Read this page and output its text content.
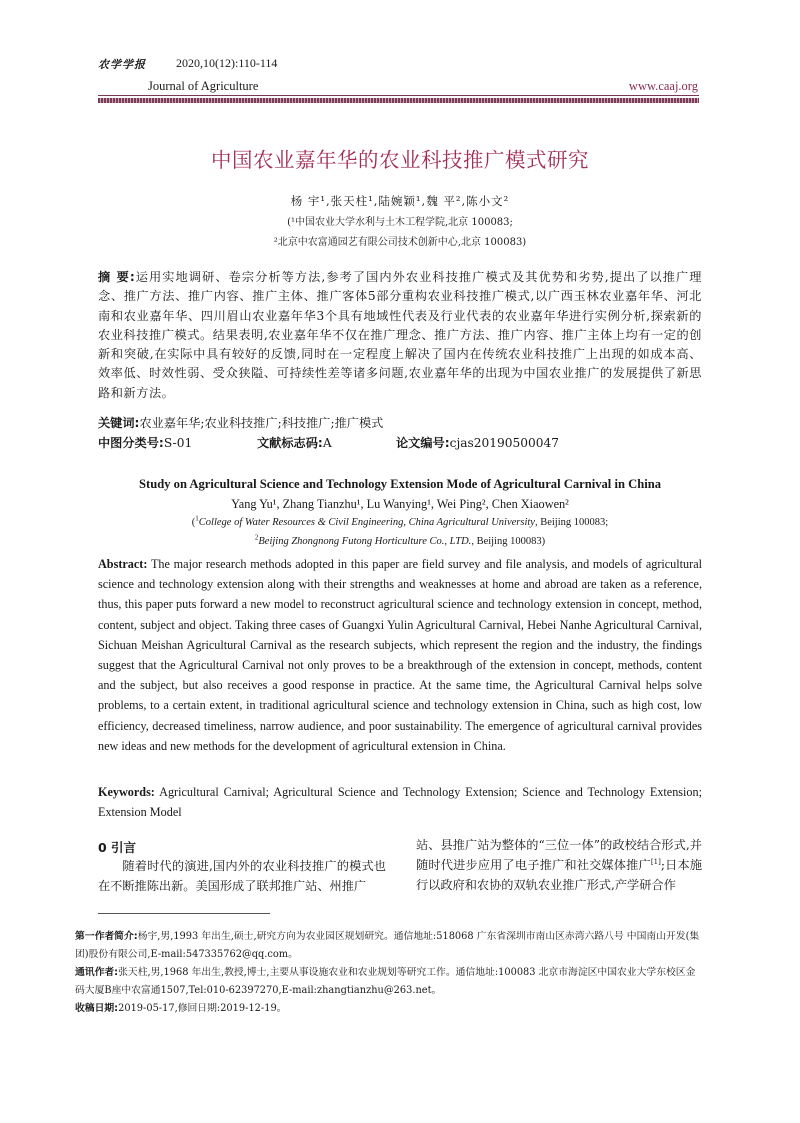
农学学报	2020,10(12):110-114
Journal of Agriculture	www.caaj.org
中国农业嘉年华的农业科技推广模式研究
杨 宇¹,张天柱¹,陆婉颖¹,魏 平²,陈小文²
(¹中国农业大学水利与土木工程学院,北京 100083;
²北京中农富通园艺有限公司技术创新中心,北京 100083)
摘 要:运用实地调研、卷宗分析等方法,参考了国内外农业科技推广模式及其优势和劣势,提出了以推广理念、推广方法、推广内容、推广主体、推广客体5部分重构农业科技推广模式,以广西玉林农业嘉年华、河北南和农业嘉年华、四川眉山农业嘉年华3个具有地域性代表及行业代表的农业嘉年华进行实例分析,探索新的农业科技推广模式。结果表明,农业嘉年华不仅在推广理念、推广方法、推广内容、推广主体上均有一定的创新和突破,在实际中具有较好的反馈,同时在一定程度上解决了国内在传统农业科技推广上出现的如成本高、效率低、时效性弱、受众狭隘、可持续性差等诸多问题,农业嘉年华的出现为中国农业推广的发展提供了新思路和新方法。
关键词:农业嘉年华;农业科技推广;科技推广;推广模式
中图分类号:S-01	文献标志码:A	论文编号:cjas20190500047
Study on Agricultural Science and Technology Extension Mode of Agricultural Carnival in China
Yang Yu¹, Zhang Tianzhu¹, Lu Wanying¹, Wei Ping², Chen Xiaowen²
($^1$College of Water Resources & Civil Engineering, China Agricultural University, Beijing 100083;
$^2$Beijing Zhongnong Futong Horticulture Co., LTD., Beijing 100083)
Abstract: The major research methods adopted in this paper are field survey and file analysis, and models of agricultural science and technology extension along with their strengths and weaknesses at home and abroad are taken as a reference, thus, this paper puts forward a new model to reconstruct agricultural science and technology extension in concept, method, content, subject and object. Taking three cases of Guangxi Yulin Agricultural Carnival, Hebei Nanhe Agricultural Carnival, Sichuan Meishan Agricultural Carnival as the research subjects, which represent the region and the industry, the findings suggest that the Agricultural Carnival not only proves to be a breakthrough of the extension in concept, methods, content and the subject, but also receives a good response in practice. At the same time, the Agricultural Carnival helps solve problems, to a certain extent, in traditional agricultural science and technology extension in China, such as high cost, low efficiency, decreased timeliness, narrow audience, and poor sustainability. The emergence of agricultural carnival provides new ideas and new methods for the development of agricultural extension in China.
Keywords: Agricultural Carnival; Agricultural Science and Technology Extension; Science and Technology Extension; Extension Model
0 引言
随着时代的演进,国内外的农业科技推广的模式也在不断推陈出新。美国形成了联邦推广站、州推广
站、县推广站为整体的“三位一体”的政校结合形式,并随时代进步应用了电子推广和社交媒体推广[1];日本施行以政府和农协的双轨农业推广形式,产学研合作

第一作者简介:杨宇,男,1993 年出生,硕士,研究方向为农业园区规划研究。通信地址:518068 广东省深圳市南山区赤湾六路八号 中国南山开发(集团)股份有限公司,E-mail:547335762@qq.com。

通讯作者:张天柱,男,1968 年出生,教授,博士,主要从事设施农业和农业规划等研究工作。通信地址:100083 北京市海淀区中国农业大学东校区金码大厦B座中农富通1507,Tel:010-62397270,E-mail:zhangtianzhu@263.net。

收稿日期:2019-05-17,修回日期:2019-12-19。
